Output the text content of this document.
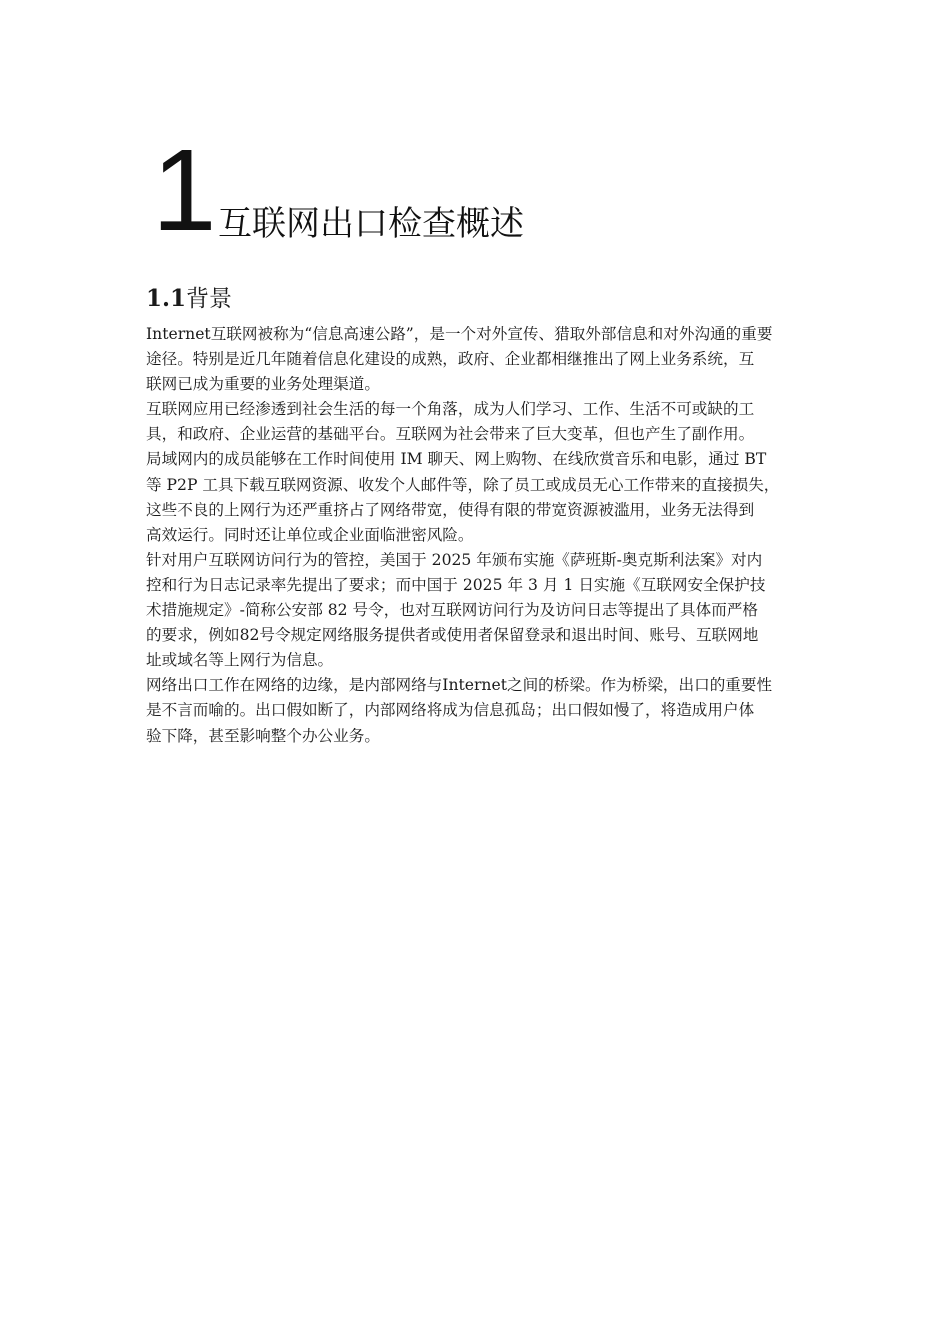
1 互联网出口检查概述
1.1背景

Internet互联网被称为“信息高速公路”，是一个对外宣传、猎取外部信息和对外沟通的重要
途径。特别是近几年随着信息化建设的成熟，政府、企业都相继推出了网上业务系统，互
联网已成为重要的业务处理渠道。

互联网应用已经渗透到社会生活的每一个角落，成为人们学习、工作、生活不可或缺的工
具，和政府、企业运营的基础平台。互联网为社会带来了巨大变革，但也产生了副作用。
局域网内的成员能够在工作时间使用 IM 聊天、网上购物、在线欣赏音乐和电影，通过 BT
等 P2P 工具下载互联网资源、收发个人邮件等，除了员工或成员无心工作带来的直接损失，
这些不良的上网行为还严重挤占了网络带宽，使得有限的带宽资源被滥用，业务无法得到
高效运行。同时还让单位或企业面临泄密风险。

针对用户互联网访问行为的管控，美国于 2025 年颁布实施《萨班斯-奥克斯利法案》对内
控和行为日志记录率先提出了要求；而中国于 2025 年 3 月 1 日实施《互联网安全保护技
术措施规定》-简称公安部 82 号令，也对互联网访问行为及访问日志等提出了具体而严格
的要求，例如82号令规定网络服务提供者或使用者保留登录和退出时间、账号、互联网地
址或域名等上网行为信息。

网络出口工作在网络的边缘，是内部网络与Internet之间的桥梁。作为桥梁，出口的重要性
是不言而喻的。出口假如断了，内部网络将成为信息孤岛；出口假如慢了，将造成用户体
验下降，甚至影响整个办公业务。
